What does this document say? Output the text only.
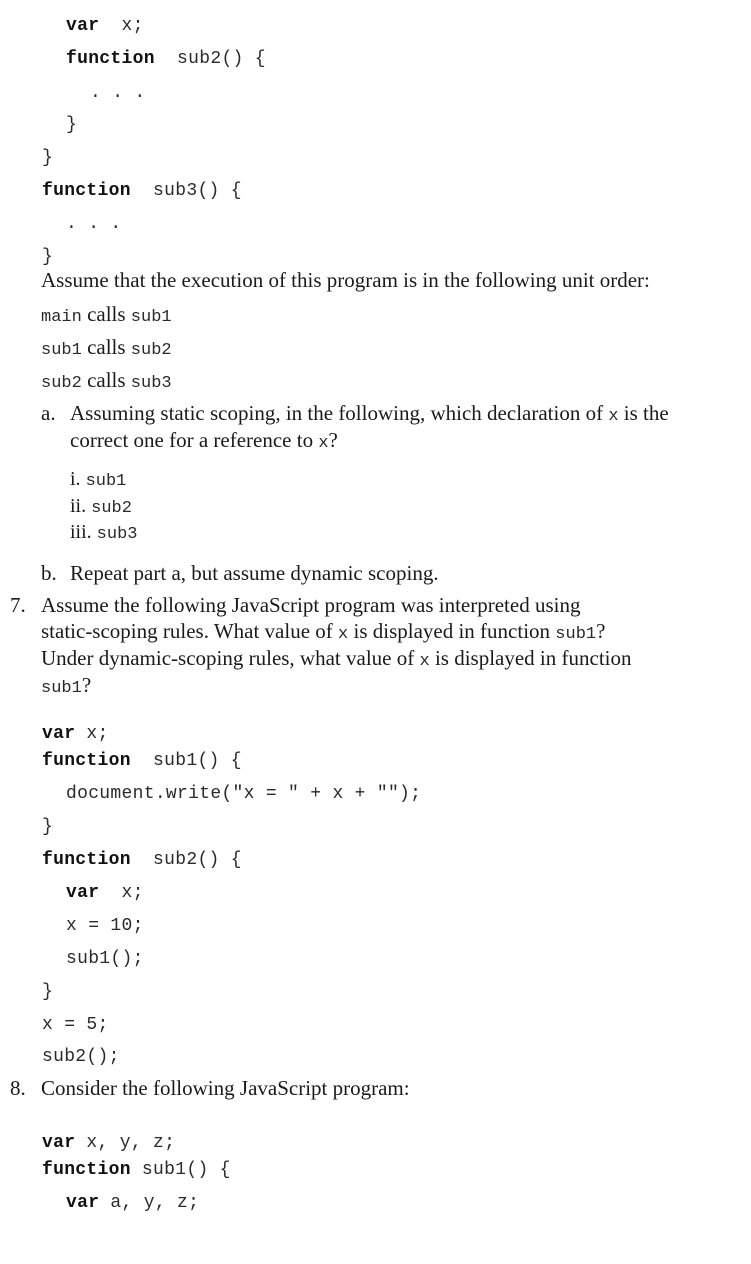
var  x;
function  sub2() {
. . .
}
}
function  sub3() {
. . .
}
Assume that the execution of this program is in the following unit order:
main calls sub1
sub1 calls sub2
sub2 calls sub3
a. Assuming static scoping, in the following, which declaration of x is the
correct one for a reference to x?
i. sub1
ii. sub2
iii. sub3
b. Repeat part a, but assume dynamic scoping.
7. Assume the following JavaScript program was interpreted using
static-scoping rules. What value of x is displayed in function sub1?
Under dynamic-scoping rules, what value of x is displayed in function
sub1?
var x;
function  sub1() {
document.write("x = " + x + "");
}
function  sub2() {
var  x;
x = 10;
sub1();
}
x = 5;
sub2();
8. Consider the following JavaScript program:
var x, y, z;
function sub1() {
var a, y, z;
